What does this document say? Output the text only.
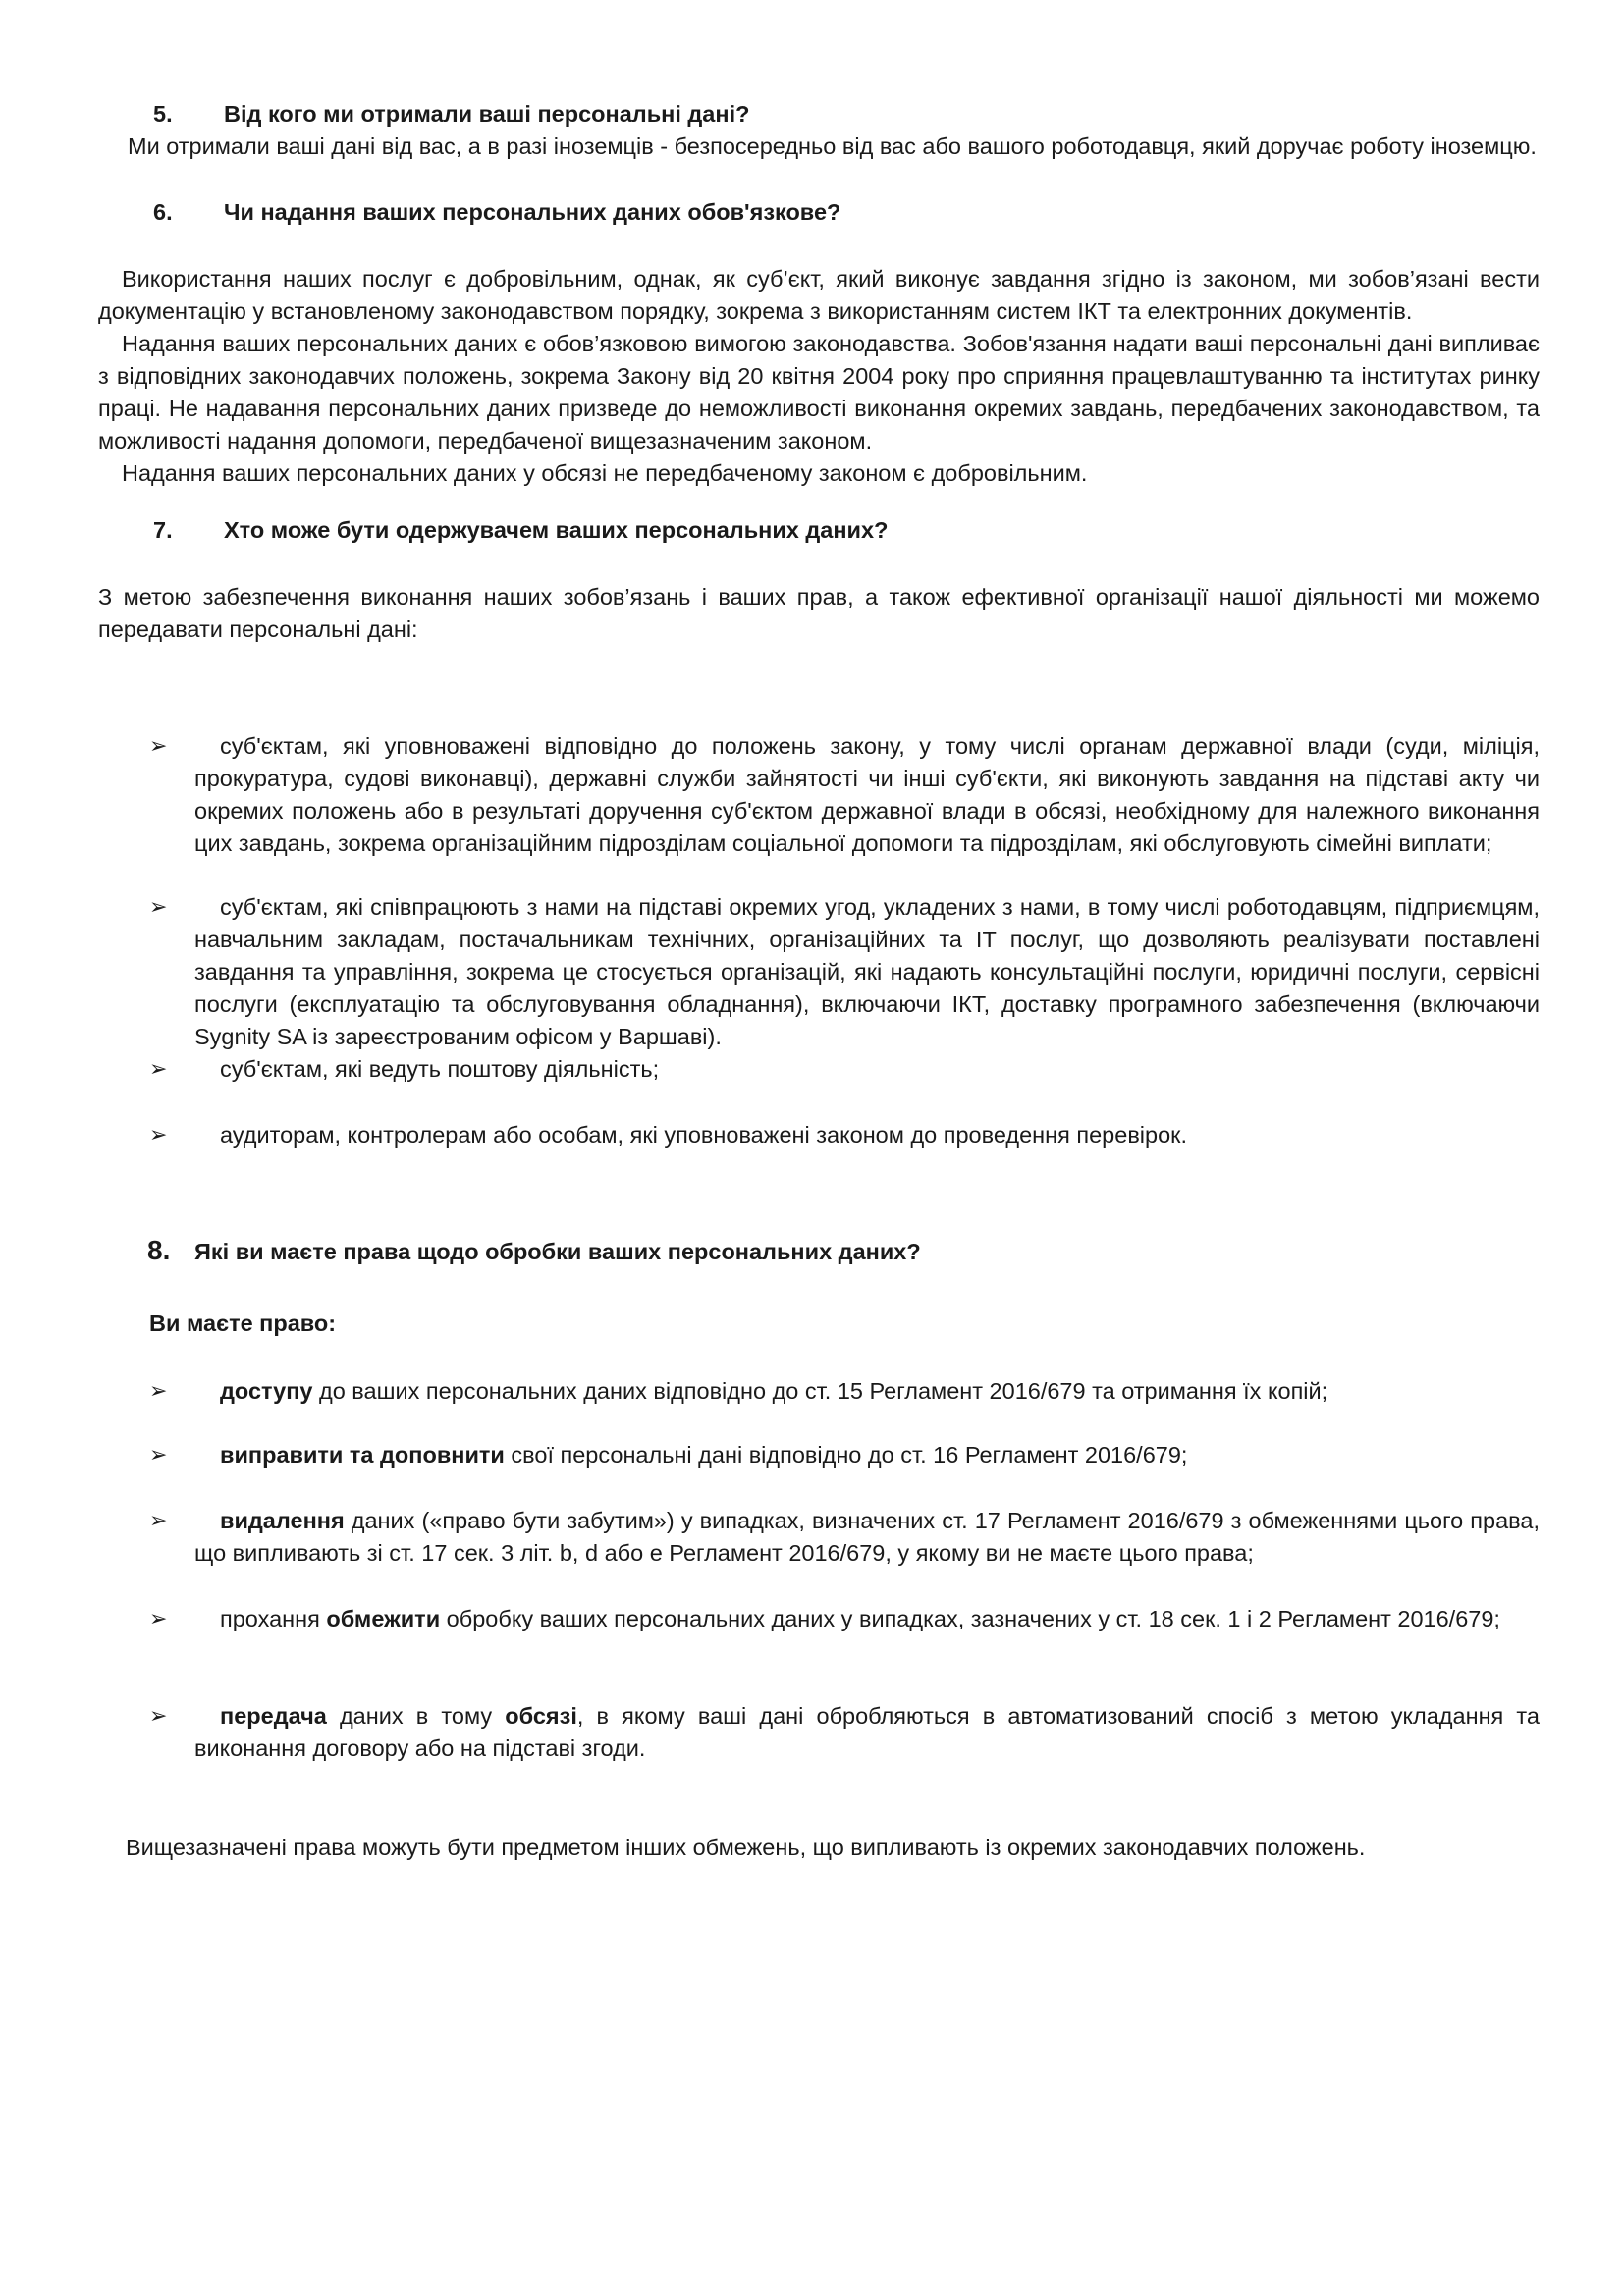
5.	Від кого ми отримали ваші персональні дані?

Ми отримали ваші дані від вас, а в разі іноземців - безпосередньо від вас або вашого роботодавця, який доручає роботу іноземцю.

6.	Чи надання ваших персональних даних обов'язкове?

Використання наших послуг є добровільним, однак, як суб’єкт, який виконує завдання згідно із законом, ми зобов’язані вести документацію у встановленому законодавством порядку, зокрема з використанням систем ІКТ та електронних документів.

Надання ваших персональних даних є обов’язковою вимогою законодавства. Зобов'язання надати ваші персональні дані випливає з відповідних законодавчих положень, зокрема Закону від 20 квітня 2004 року про сприяння працевлаштуванню та інститутах ринку праці. Не надавання персональних даних призведе до неможливості виконання окремих завдань, передбачених законодавством, та можливості надання допомоги, передбаченої вищезазначеним законом.

Надання ваших персональних даних у обсязі не передбаченому законом є добровільним.

7.	Хто може бути одержувачем ваших персональних даних?

З метою забезпечення виконання наших зобов’язань і ваших прав, а також ефективної організації нашої діяльності ми можемо передавати персональні дані:

➢	суб'єктам, які уповноважені відповідно до положень закону, у тому числі органам державної влади (суди, міліція, прокуратура, судові виконавці), державні служби зайнятості чи інші суб'єкти, які виконують завдання на підставі акту чи окремих положень або в результаті доручення суб'єктом державної влади в обсязі, необхідному для належного виконання цих завдань, зокрема організаційним підрозділам соціальної допомоги та підрозділам, які обслуговують сімейні виплати;
➢	суб'єктам, які співпрацюють з нами на підставі окремих угод, укладених з нами, в тому числі роботодавцям, підприємцям, навчальним закладам, постачальникам технічних, організаційних та ІТ послуг, що дозволяють реалізувати поставлені завдання та управління, зокрема це стосується організацій, які надають консультаційні послуги, юридичні послуги, сервісні послуги (експлуатацію та обслуговування обладнання), включаючи ІКТ, доставку програмного забезпечення (включаючи Sygnity SA із зареєстрованим офісом у Варшаві).
➢	суб'єктам, які ведуть поштову діяльність;
➢	аудиторам, контролерам або особам, які уповноважені законом до проведення перевірок.
8.	Які ви маєте права щодо обробки ваших персональних даних?
Ви маєте право:
➢	доступу до ваших персональних даних відповідно до ст. 15 Регламент 2016/679 та отримання їх копій;
➢	виправити та доповнити свої персональні дані відповідно до ст. 16 Регламент 2016/679;
➢	видалення даних («право бути забутим») у випадках, визначених ст. 17 Регламент 2016/679 з обмеженнями цього права, що випливають зі ст. 17 сек. 3 літ. b, d або е Регламент 2016/679, у якому ви не маєте цього права;
➢	прохання обмежити обробку ваших персональних даних у випадках, зазначених у ст. 18 сек. 1 і 2 Регламент 2016/679;
➢	передача даних в тому обсязі, в якому ваші дані обробляються в автоматизований спосіб з метою укладання та виконання договору або на підставі згоди.

Вищезазначені права можуть бути предметом інших обмежень, що випливають із окремих законодавчих положень.
